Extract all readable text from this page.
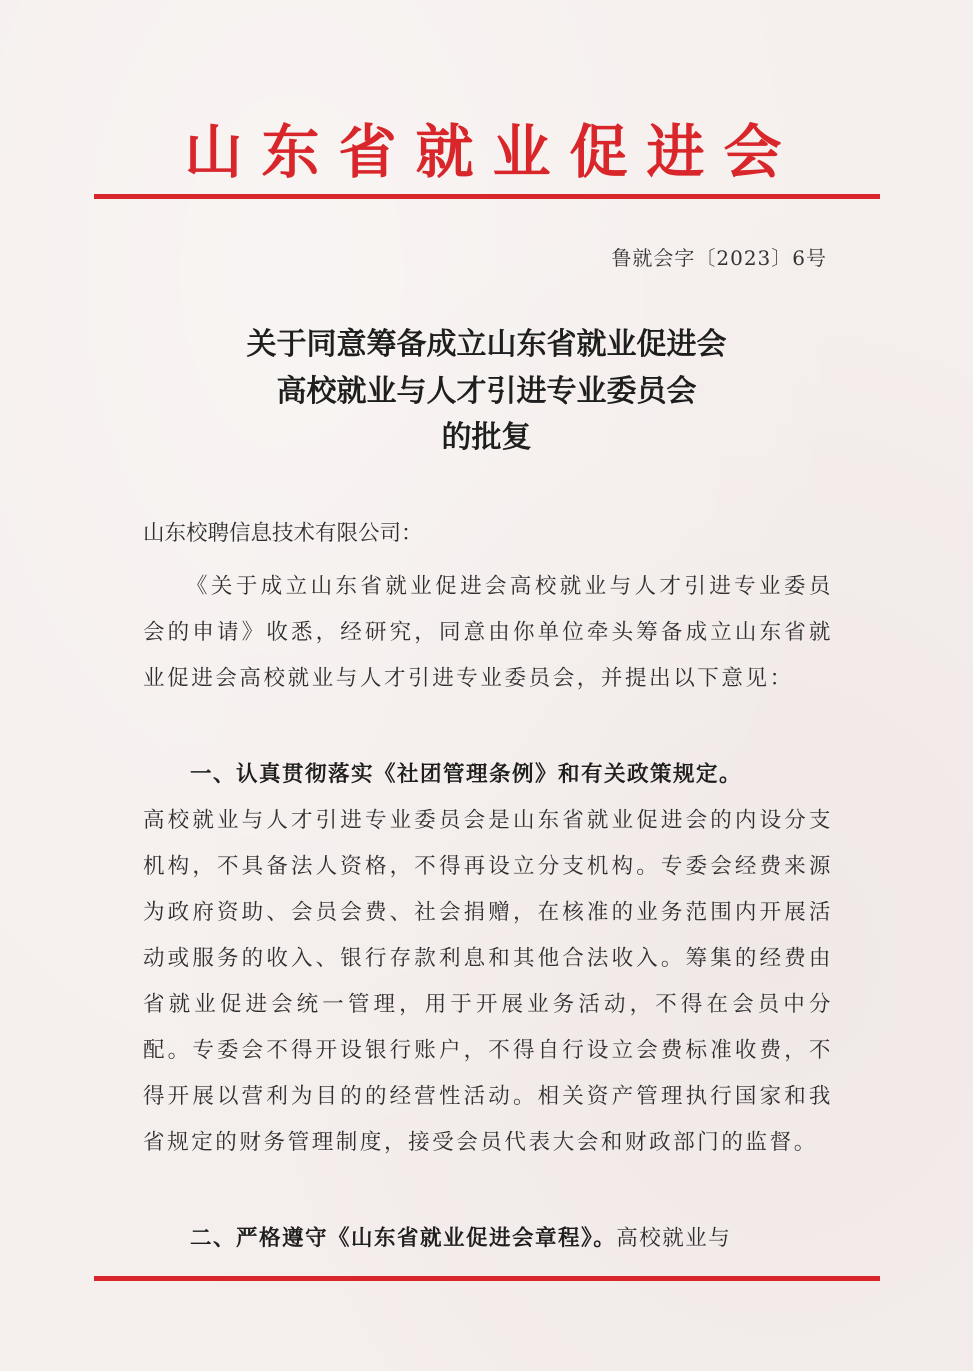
山东省就业促进会
鲁就会字〔2023〕6号
关于同意筹备成立山东省就业促进会
高校就业与人才引进专业委员会
的批复
山东校聘信息技术有限公司：
《关于成立山东省就业促进会高校就业与人才引进专业委员会的申请》收悉，经研究，同意由你单位牵头筹备成立山东省就业促进会高校就业与人才引进专业委员会，并提出以下意见：
一、认真贯彻落实《社团管理条例》和有关政策规定。
高校就业与人才引进专业委员会是山东省就业促进会的内设分支机构，不具备法人资格，不得再设立分支机构。专委会经费来源为政府资助、会员会费、社会捐赠，在核准的业务范围内开展活动或服务的收入、银行存款利息和其他合法收入。筹集的经费由省就业促进会统一管理，用于开展业务活动，不得在会员中分配。专委会不得开设银行账户，不得自行设立会费标准收费，不得开展以营利为目的的经营性活动。相关资产管理执行国家和我省规定的财务管理制度，接受会员代表大会和财政部门的监督。
二、严格遵守《山东省就业促进会章程》。高校就业与
